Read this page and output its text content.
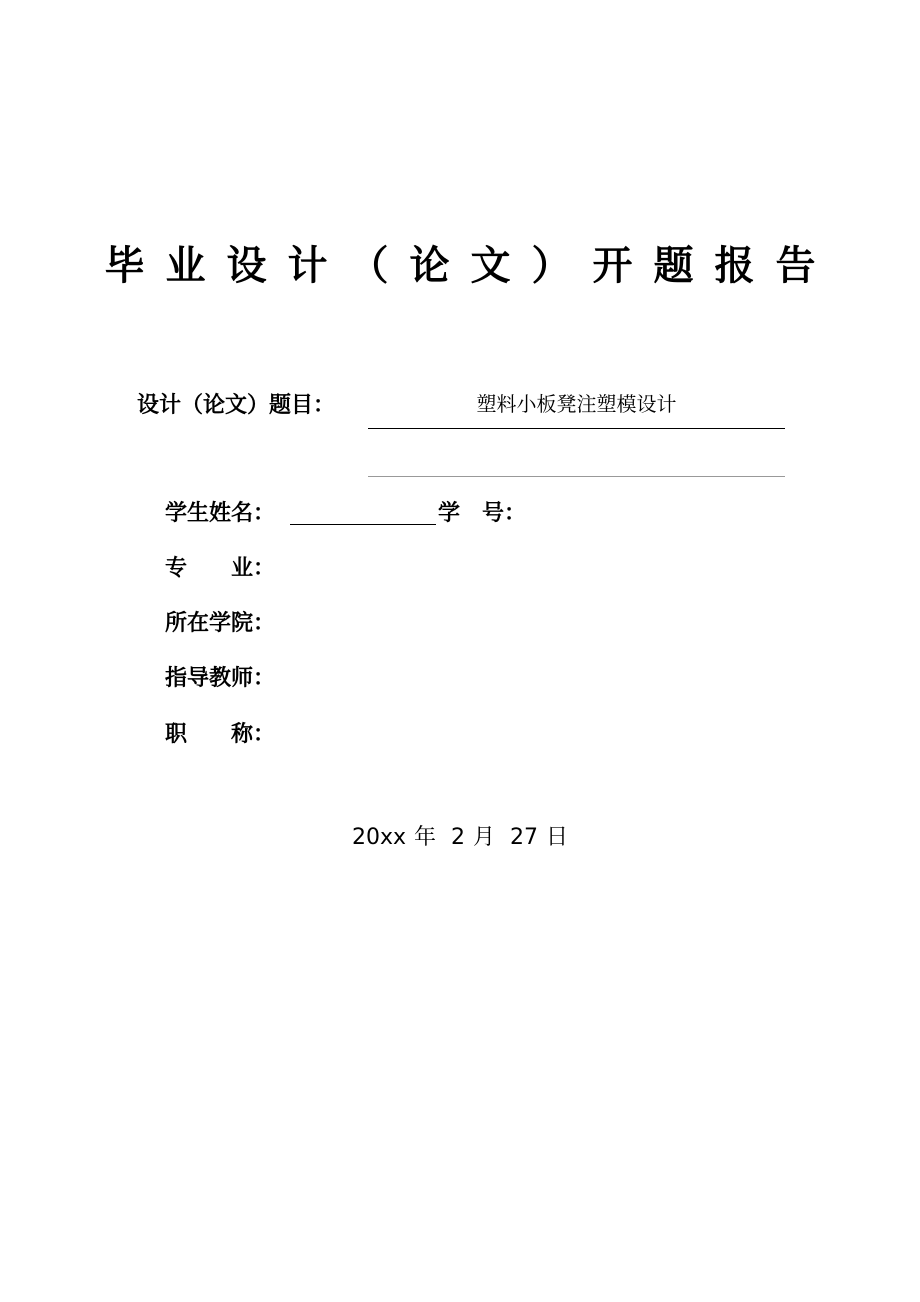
毕业设计（论文）开题报告
设计（论文）题目：	塑料小板凳注塑模设计
学生姓名：	学　号：
专　　业：
所在学院：
指导教师：
职　　称：
20xx 年 2 月 27 日
